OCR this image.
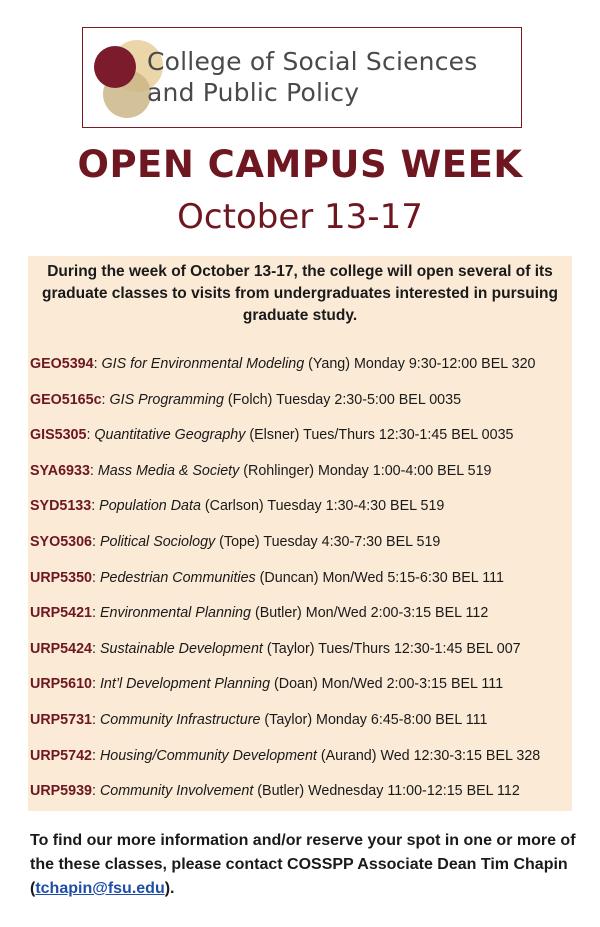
College of Social Sciences
and Public Policy
OPEN CAMPUS WEEK
October 13-17
During the week of October 13-17, the college will open several of its graduate classes to visits from undergraduates interested in pursuing graduate study.
GEO5394: GIS for Environmental Modeling (Yang) Monday 9:30-12:00 BEL 320
GEO5165c: GIS Programming (Folch) Tuesday 2:30-5:00 BEL 0035
GIS5305: Quantitative Geography (Elsner) Tues/Thurs 12:30-1:45 BEL 0035
SYA6933: Mass Media & Society (Rohlinger) Monday 1:00-4:00 BEL 519
SYD5133: Population Data (Carlson) Tuesday 1:30-4:30 BEL 519
SYO5306: Political Sociology (Tope) Tuesday 4:30-7:30 BEL 519
URP5350: Pedestrian Communities (Duncan) Mon/Wed 5:15-6:30 BEL 111
URP5421: Environmental Planning (Butler) Mon/Wed 2:00-3:15 BEL 112
URP5424: Sustainable Development (Taylor) Tues/Thurs 12:30-1:45 BEL 007
URP5610: Int’l Development Planning (Doan) Mon/Wed 2:00-3:15 BEL 111
URP5731: Community Infrastructure (Taylor) Monday 6:45-8:00 BEL 111
URP5742: Housing/Community Development (Aurand) Wed 12:30-3:15 BEL 328
URP5939: Community Involvement (Butler) Wednesday 11:00-12:15 BEL 112
To find our more information and/or reserve your spot in one or more of the these classes, please contact COSSPP Associate Dean Tim Chapin (tchapin@fsu.edu).
